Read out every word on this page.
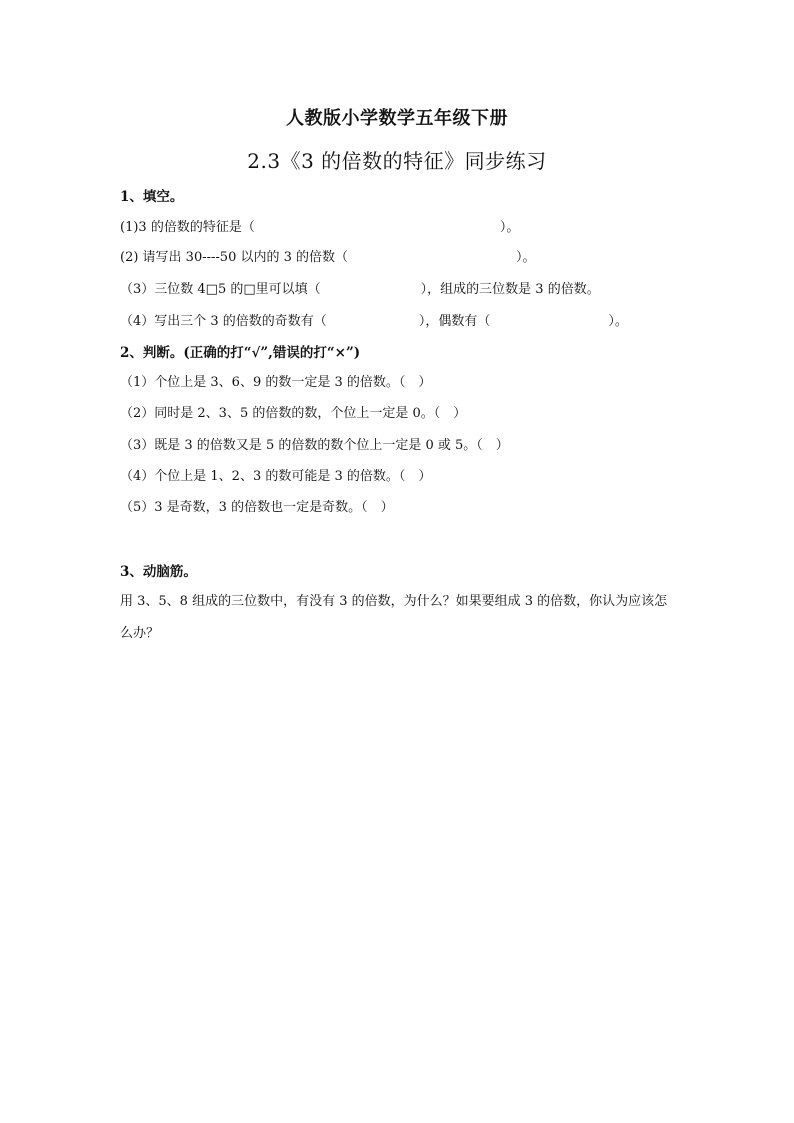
人教版小学数学五年级下册
2.3《3 的倍数的特征》同步练习
1、填空。
(1)3 的倍数的特征是（	）。
(2) 请写出 30----50 以内的 3 的倍数（	）。
（3）三位数 4□5 的□里可以填（	），组成的三位数是 3 的倍数。
（4）写出三个 3 的倍数的奇数有（	），偶数有（	）。
2、判断。(正确的打“√”,错误的打“×”)
（1）个位上是 3、6、9 的数一定是 3 的倍数。（　）
（2）同时是 2、3、5 的倍数的数，个位上一定是 0。（　）
（3）既是 3 的倍数又是 5 的倍数的数个位上一定是 0 或 5。（　）
（4）个位上是 1、2、3 的数可能是 3 的倍数。（　）
（5）3 是奇数，3 的倍数也一定是奇数。（　）
3、动脑筋。
用 3、5、8 组成的三位数中，有没有 3 的倍数，为什么？如果要组成 3 的倍数，你认为应该怎么办？
